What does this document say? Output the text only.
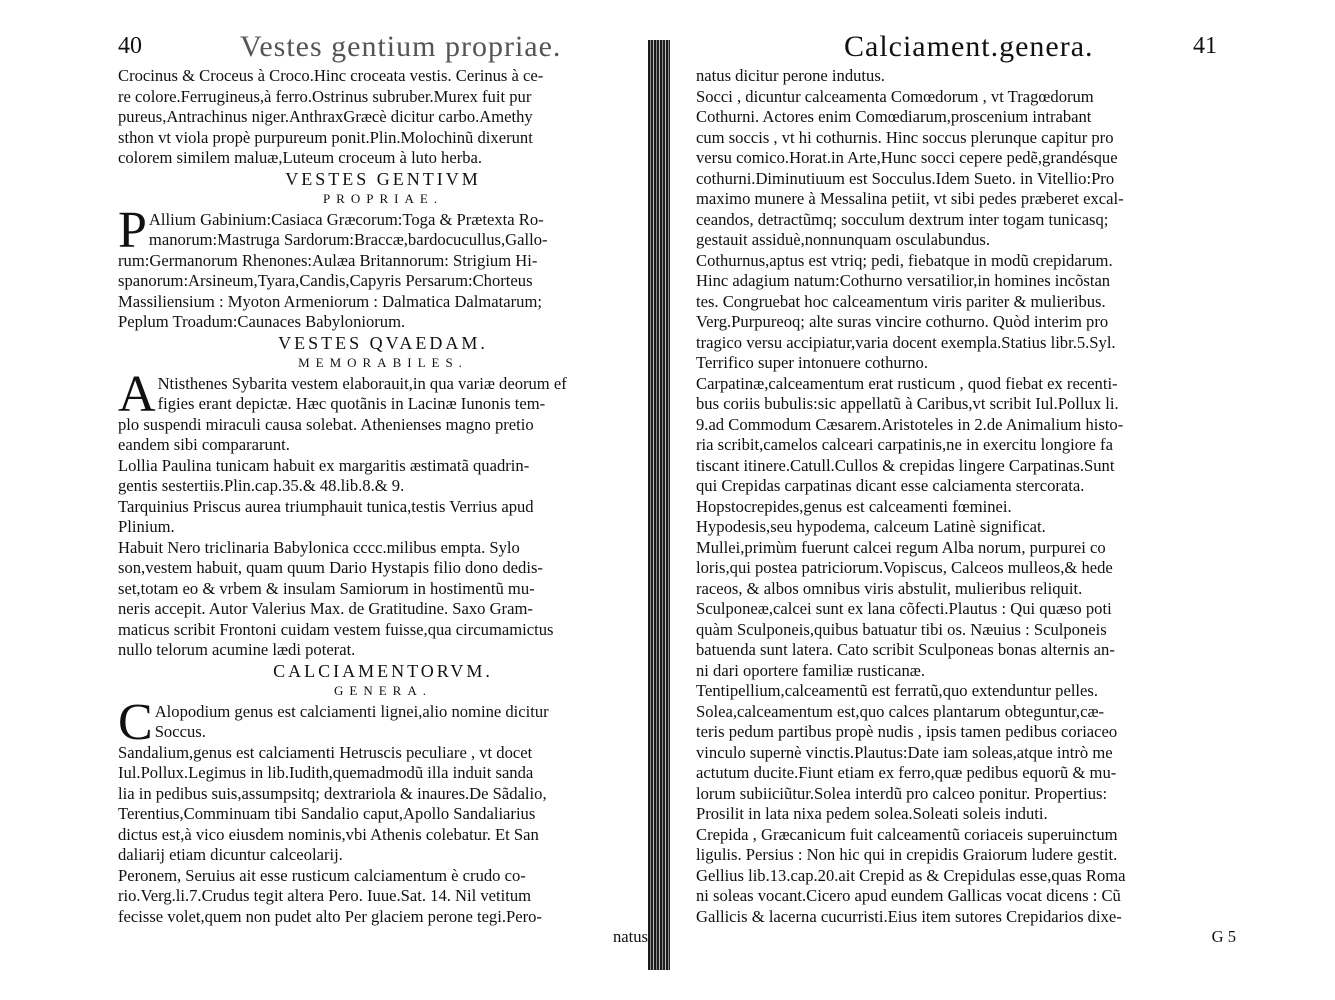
40	Vestes gentium propriae.
Crocinus & Croceus à Croco.Hinc croceata vestis. Cerinus à ce-
re colore.Ferrugineus,à ferro.Ostrinus subruber.Murex fuit pur
pureus,Antrachinus niger.AnthraxGræcè dicitur carbo.Amethy
sthon vt viola propè purpureum ponit.Plin.Molochinũ dixerunt
colorem similem maluæ,Luteum croceum à luto herba.
VESTES GENTIVM
PROPRIAE.
P Allium Gabinium:Casiaca Græcorum:Toga & Prætexta Ro-
manorum:Mastruga Sardorum:Braccæ,bardocucullus,Gallo-
rum:Germanorum Rhenones:Aulæa Britannorum: Strigium Hi-
spanorum:Arsineum,Tyara,Candis,Capyris Persarum:Chorteus
Massiliensium : Myoton Armeniorum : Dalmatica Dalmatarum;
Peplum Troadum:Caunaces Babyloniorum.
VESTES QVAEDAM.
MEMORABILES.
A Ntisthenes Sybarita vestem elaborauit,in qua variæ deorum ef
figies erant depictæ. Hæc quotãnis in Lacinæ Iunonis tem-
plo suspendi miraculi causa solebat. Athenienses magno pretio
eandem sibi compararunt.
Lollia Paulina tunicam habuit ex margaritis æstimatã quadrin-
gentis sestertiis.Plin.cap.35.& 48.lib.8.& 9.
Tarquinius Priscus aurea triumphauit tunica,testis Verrius apud
Plinium.
Habuit Nero triclinaria Babylonica cccc.milibus empta. Sylo
son,vestem habuit, quam quum Dario Hystapis filio dono dedis-
set,totam eo & vrbem & insulam Samiorum in hostimentũ mu-
neris accepit. Autor Valerius Max. de Gratitudine. Saxo Gram-
maticus scribit Frontoni cuidam vestem fuisse,qua circumamictus
nullo telorum acumine lædi poterat.
CALCIAMENTORVM.
GENERA.
C Alopodium genus est calciamenti lignei,alio nomine dicitur
Soccus.
Sandalium,genus est calciamenti Hetruscis peculiare , vt docet
Iul.Pollux.Legimus in lib.Iudith,quemadmodũ illa induit sanda
lia in pedibus suis,assumpsitq; dextrariola & inaures.De Sãdalio,
Terentius,Comminuam tibi Sandalio caput,Apollo Sandaliarius
dictus est,à vico eiusdem nominis,vbi Athenis colebatur. Et San
daliarij etiam dicuntur calceolarij.
Peronem, Seruius ait esse rusticum calciamentum è crudo co-
rio.Verg.li.7.Crudus tegit altera Pero. Iuue.Sat. 14. Nil vetitum
fecisse volet,quem non pudet alto Per glaciem perone tegi.Pero-
natus
Calciament.genera.	41
natus dicitur perone indutus.
Socci , dicuntur calceamenta Comœdorum , vt Tragœdorum
Cothurni. Actores enim Comœdiarum,proscenium intrabant
cum soccis , vt hi cothurnis. Hinc soccus plerunque capitur pro
versu comico.Horat.in Arte,Hunc socci cepere pedẽ,grandésque
cothurni.Diminutiuum est Socculus.Idem Sueto. in Vitellio:Pro
maximo munere à Messalina petiit, vt sibi pedes præberet excal-
ceandos, detractũmq; socculum dextrum inter togam tunicasq;
gestauit assiduè,nonnunquam osculabundus.
Cothurnus,aptus est vtriq; pedi, fiebatque in modũ crepidarum.
Hinc adagium natum:Cothurno versatilior,in homines incõstan
tes. Congruebat hoc calceamentum viris pariter & mulieribus.
Verg.Purpureoq; alte suras vincire cothurno. Quòd interim pro
tragico versu accipiatur,varia docent exempla.Statius libr.5.Syl.
Terrifico super intonuere cothurno.
Carpatinæ,calceamentum erat rusticum , quod fiebat ex recenti-
bus coriis bubulis:sic appellatũ à Caribus,vt scribit Iul.Pollux li.
9.ad Commodum Cæsarem.Aristoteles in 2.de Animalium histo-
ria scribit,camelos calceari carpatinis,ne in exercitu longiore fa
tiscant itinere.Catull.Cullos & crepidas lingere Carpatinas.Sunt
qui Crepidas carpatinas dicant esse calciamenta stercorata.
Hopstocrepides,genus est calceamenti fœminei.
Hypodesis,seu hypodema, calceum Latinè significat.
Mullei,primùm fuerunt calcei regum Alba norum, purpurei co
loris,qui postea patriciorum.Vopiscus, Calceos mulleos,& hede
raceos, & albos omnibus viris abstulit, mulieribus reliquit.
Sculponeæ,calcei sunt ex lana cõfecti.Plautus : Qui quæso poti
quàm Sculponeis,quibus batuatur tibi os. Næuius : Sculponeis
batuenda sunt latera. Cato scribit Sculponeas bonas alternis an-
ni dari oportere familiæ rusticanæ.
Tentipellium,calceamentũ est ferratũ,quo extenduntur pelles.
Solea,calceamentum est,quo calces plantarum obteguntur,cæ-
teris pedum partibus propè nudis , ipsis tamen pedibus coriaceo
vinculo supernè vinctis.Plautus:Date iam soleas,atque intrò me
actutum ducite.Fiunt etiam ex ferro,quæ pedibus equorũ & mu-
lorum subiiciũtur.Solea interdũ pro calceo ponitur. Propertius:
Prosilit in lata nixa pedem solea.Soleati soleis induti.
Crepida , Græcanicum fuit calceamentũ coriaceis superuinctum
ligulis. Persius : Non hic qui in crepidis Graiorum ludere gestit.
Gellius lib.13.cap.20.ait Crepid as & Crepidulas esse,quas Roma
ni soleas vocant.Cicero apud eundem Gallicas vocat dicens : Cũ
Gallicis & lacerna cucurristi.Eius item sutores Crepidarios dixe-
G 5
